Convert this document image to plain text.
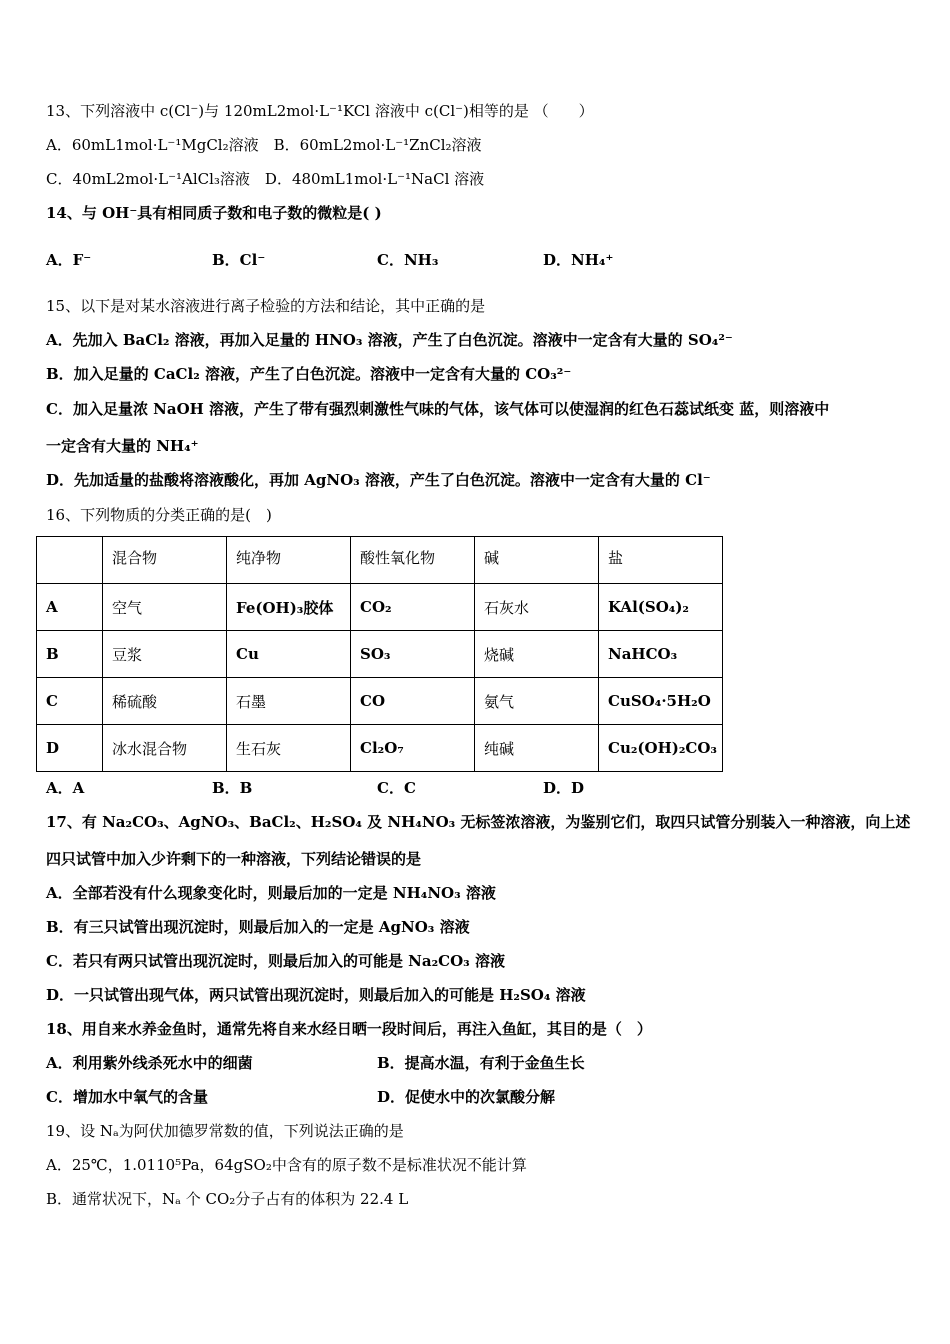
13、下列溶液中 c(Cl⁻)与 120mL2mol·L⁻¹KCl 溶液中 c(Cl⁻)相等的是 （　　）
A．60mL1mol·L⁻¹MgCl₂溶液　B．60mL2mol·L⁻¹ZnCl₂溶液
C．40mL2mol·L⁻¹AlCl₃溶液　D．480mL1mol·L⁻¹NaCl 溶液
14、与 OH⁻具有相同质子数和电子数的微粒是( )
A．F⁻	B．Cl⁻	C．NH₃	D．NH₄⁺
15、以下是对某水溶液进行离子检验的方法和结论，其中正确的是
A．先加入 BaCl₂ 溶液，再加入足量的 HNO₃ 溶液，产生了白色沉淀。溶液中一定含有大量的 SO₄²⁻
B．加入足量的 CaCl₂ 溶液，产生了白色沉淀。溶液中一定含有大量的 CO₃²⁻
C．加入足量浓 NaOH 溶液，产生了带有强烈刺激性气味的气体，该气体可以使湿润的红色石蕊试纸变 蓝，则溶液中
一定含有大量的 NH₄⁺
D．先加适量的盐酸将溶液酸化，再加 AgNO₃ 溶液，产生了白色沉淀。溶液中一定含有大量的 Cl⁻
16、下列物质的分类正确的是(　)
	混合物	纯净物	酸性氧化物	碱	盐
A	空气	Fe(OH)₃胶体	CO₂	石灰水	KAl(SO₄)₂
B	豆浆	Cu	SO₃	烧碱	NaHCO₃
C	稀硫酸	石墨	CO	氨气	CuSO₄·5H₂O
D	冰水混合物	生石灰	Cl₂O₇	纯碱	Cu₂(OH)₂CO₃
A．A	B．B	C．C	D．D
17、有 Na₂CO₃、AgNO₃、BaCl₂、H₂SO₄ 及 NH₄NO₃ 无标签浓溶液，为鉴别它们，取四只试管分别装入一种溶液，向上述
四只试管中加入少许剩下的一种溶液，下列结论错误的是
A．全部若没有什么现象变化时，则最后加的一定是 NH₄NO₃ 溶液
B．有三只试管出现沉淀时，则最后加入的一定是 AgNO₃ 溶液
C．若只有两只试管出现沉淀时，则最后加入的可能是 Na₂CO₃ 溶液
D．一只试管出现气体，两只试管出现沉淀时，则最后加入的可能是 H₂SO₄ 溶液
18、用自来水养金鱼时，通常先将自来水经日晒一段时间后，再注入鱼缸，其目的是（　）
A．利用紫外线杀死水中的细菌	B．提高水温，有利于金鱼生长
C．增加水中氧气的含量	D．促使水中的次氯酸分解
19、设 Nₐ为阿伏加德罗常数的值，下列说法正确的是
A．25℃，1.0110⁵Pa，64gSO₂中含有的原子数不是标准状况不能计算
B．通常状况下，Nₐ 个 CO₂分子占有的体积为 22.4 L
